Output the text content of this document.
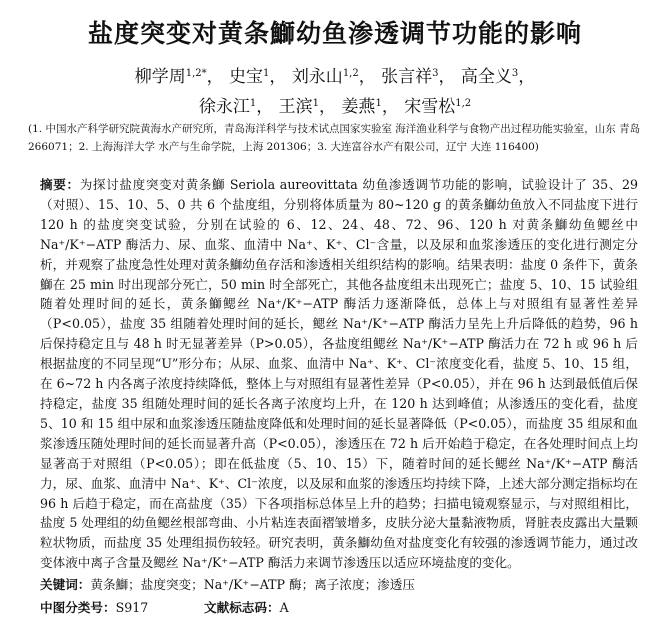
盐度突变对黄条鰤幼鱼渗透调节功能的影响
柳学周$^{1,2*}$， 史宝$^1$， 刘永山$^{1,2}$， 张言祥$^3$， 高全义$^3$，
徐永江$^1$， 王滨$^1$， 姜燕$^1$， 宋雪松$^{1,2}$
(1. 中国水产科学研究院黄海水产研究所，青岛海洋科学与技术试点国家实验室 海洋渔业科学与食物产出过程功能实验室，山东 青岛 266071；2. 上海海洋大学 水产与生命学院，上海 201306；3. 大连富谷水产有限公司，辽宁 大连 116400)
摘要：为探讨盐度突变对黄条鰤 Seriola aureovittata 幼鱼渗透调节功能的影响，试验设计了 35、29（对照）、15、10、5、0 共 6 个盐度组，分别将体质量为 80~120 g 的黄条鰤幼鱼放入不同盐度下进行 120 h 的盐度突变试验，分别在试验的 6、12、24、48、72、96、120 h 对黄条鰤幼鱼鳃丝中 Na⁺/K⁺−ATP 酶活力、尿、血浆、血清中 Na⁺、K⁺、Cl⁻含量，以及尿和血浆渗透压的变化进行测定分析，并观察了盐度急性处理对黄条鰤幼鱼存活和渗透相关组织结构的影响。结果表明：盐度 0 条件下，黄条鰤在 25 min 时出现部分死亡，50 min 时全部死亡，其他各盐度组未出现死亡；盐度 5、10、15 试验组随着处理时间的延长，黄条鰤鳃丝 Na⁺/K⁺−ATP 酶活力逐渐降低，总体上与对照组有显著性差异（P<0.05），盐度 35 组随着处理时间的延长，鳃丝 Na⁺/K⁺−ATP 酶活力呈先上升后降低的趋势，96 h 后保持稳定且与 48 h 时无显著差异（P>0.05），各盐度组鳃丝 Na⁺/K⁺−ATP 酶活力在 72 h 或 96 h 后根据盐度的不同呈现“U”形分布；从尿、血浆、血清中 Na⁺、K⁺、Cl⁻浓度变化看，盐度 5、10、15 组，在 6~72 h 内各离子浓度持续降低，整体上与对照组有显著性差异（P<0.05），并在 96 h 达到最低值后保持稳定，盐度 35 组随处理时间的延长各离子浓度均上升，在 120 h 达到峰值；从渗透压的变化看，盐度 5、10 和 15 组中尿和血浆渗透压随盐度降低和处理时间的延长显著降低（P<0.05），而盐度 35 组尿和血浆渗透压随处理时间的延长而显著升高（P<0.05），渗透压在 72 h 后开始趋于稳定，在各处理时间点上均显著高于对照组（P<0.05）；即在低盐度（5、10、15）下，随着时间的延长鳃丝 Na⁺/K⁺−ATP 酶活力，尿、血浆、血清中 Na⁺、K⁺、Cl⁻浓度，以及尿和血浆的渗透压均持续下降，上述大部分测定指标均在 96 h 后趋于稳定，而在高盐度（35）下各项指标总体呈上升的趋势；扫描电镜观察显示，与对照组相比，盐度 5 处理组的幼鱼鳃丝根部弯曲、小片粘连表面褶皱增多，皮肤分泌大量黏液物质，肾脏表皮露出大量颗粒状物质，而盐度 35 处理组损伤较轻。研究表明，黄条鰤幼鱼对盐度变化有较强的渗透调节能力，通过改变体液中离子含量及鳃丝 Na⁺/K⁺−ATP 酶活力来调节渗透压以适应环境盐度的变化。
关键词：黄条鰤；盐度突变；Na⁺/K⁺−ATP 酶；离子浓度；渗透压
中图分类号：S917	文献标志码：A
